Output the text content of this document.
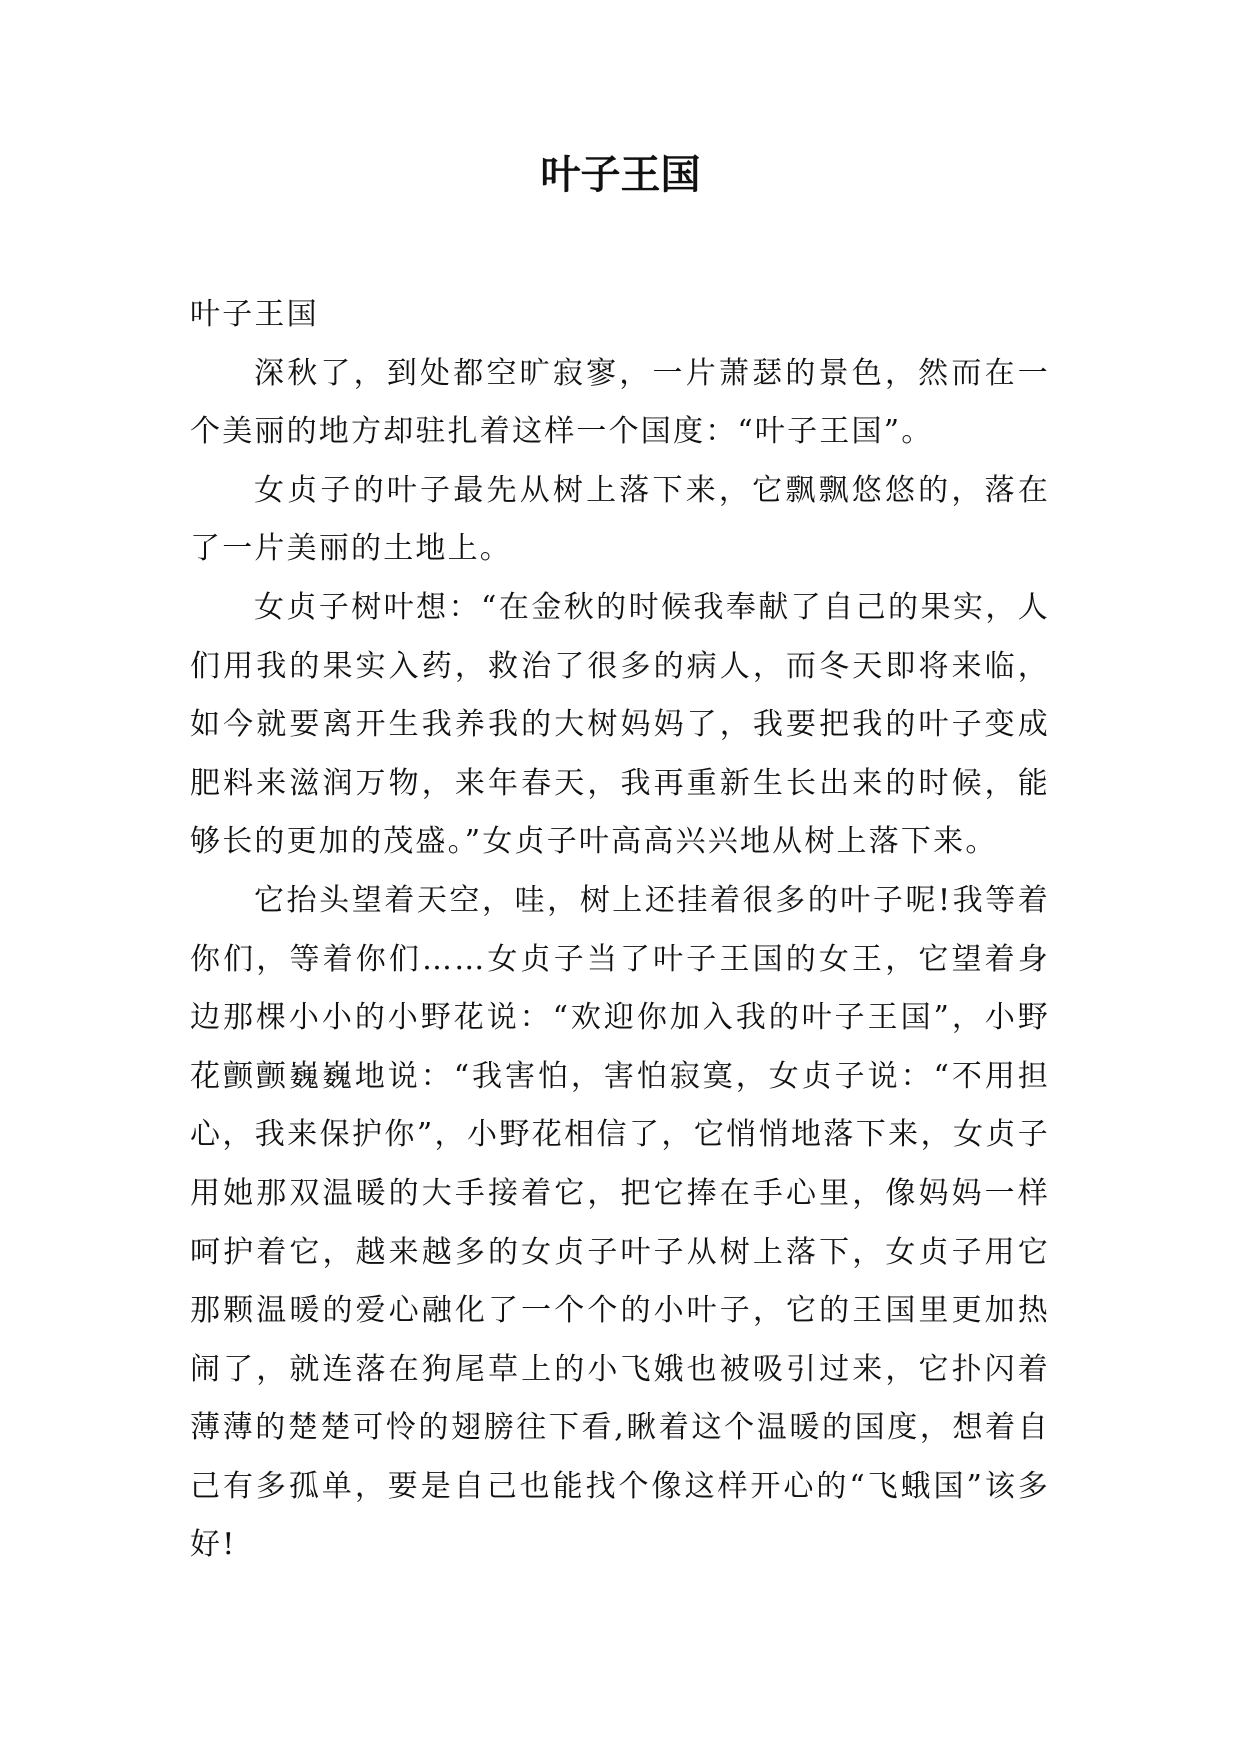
叶子王国

叶子王国

深秋了，到处都空旷寂寥，一片萧瑟的景色，然而在一个美丽的地方却驻扎着这样一个国度：“叶子王国”。

女贞子的叶子最先从树上落下来，它飘飘悠悠的，落在了一片美丽的土地上。

女贞子树叶想：“在金秋的时候我奉献了自己的果实，人们用我的果实入药，救治了很多的病人，而冬天即将来临，如今就要离开生我养我的大树妈妈了，我要把我的叶子变成肥料来滋润万物，来年春天，我再重新生长出来的时候，能够长的更加的茂盛。”女贞子叶高高兴兴地从树上落下来。

它抬头望着天空，哇，树上还挂着很多的叶子呢!我等着你们，等着你们……女贞子当了叶子王国的女王，它望着身边那棵小小的小野花说：“欢迎你加入我的叶子王国”，小野花颤颤巍巍地说：“我害怕，害怕寂寞，女贞子说：“不用担心，我来保护你”，小野花相信了，它悄悄地落下来，女贞子用她那双温暖的大手接着它，把它捧在手心里，像妈妈一样呵护着它，越来越多的女贞子叶子从树上落下，女贞子用它那颗温暖的爱心融化了一个个的小叶子，它的王国里更加热闹了，就连落在狗尾草上的小飞娥也被吸引过来，它扑闪着薄薄的楚楚可怜的翅膀往下看,瞅着这个温暖的国度，想着自己有多孤单，要是自己也能找个像这样开心的“飞蛾国”该多好!
